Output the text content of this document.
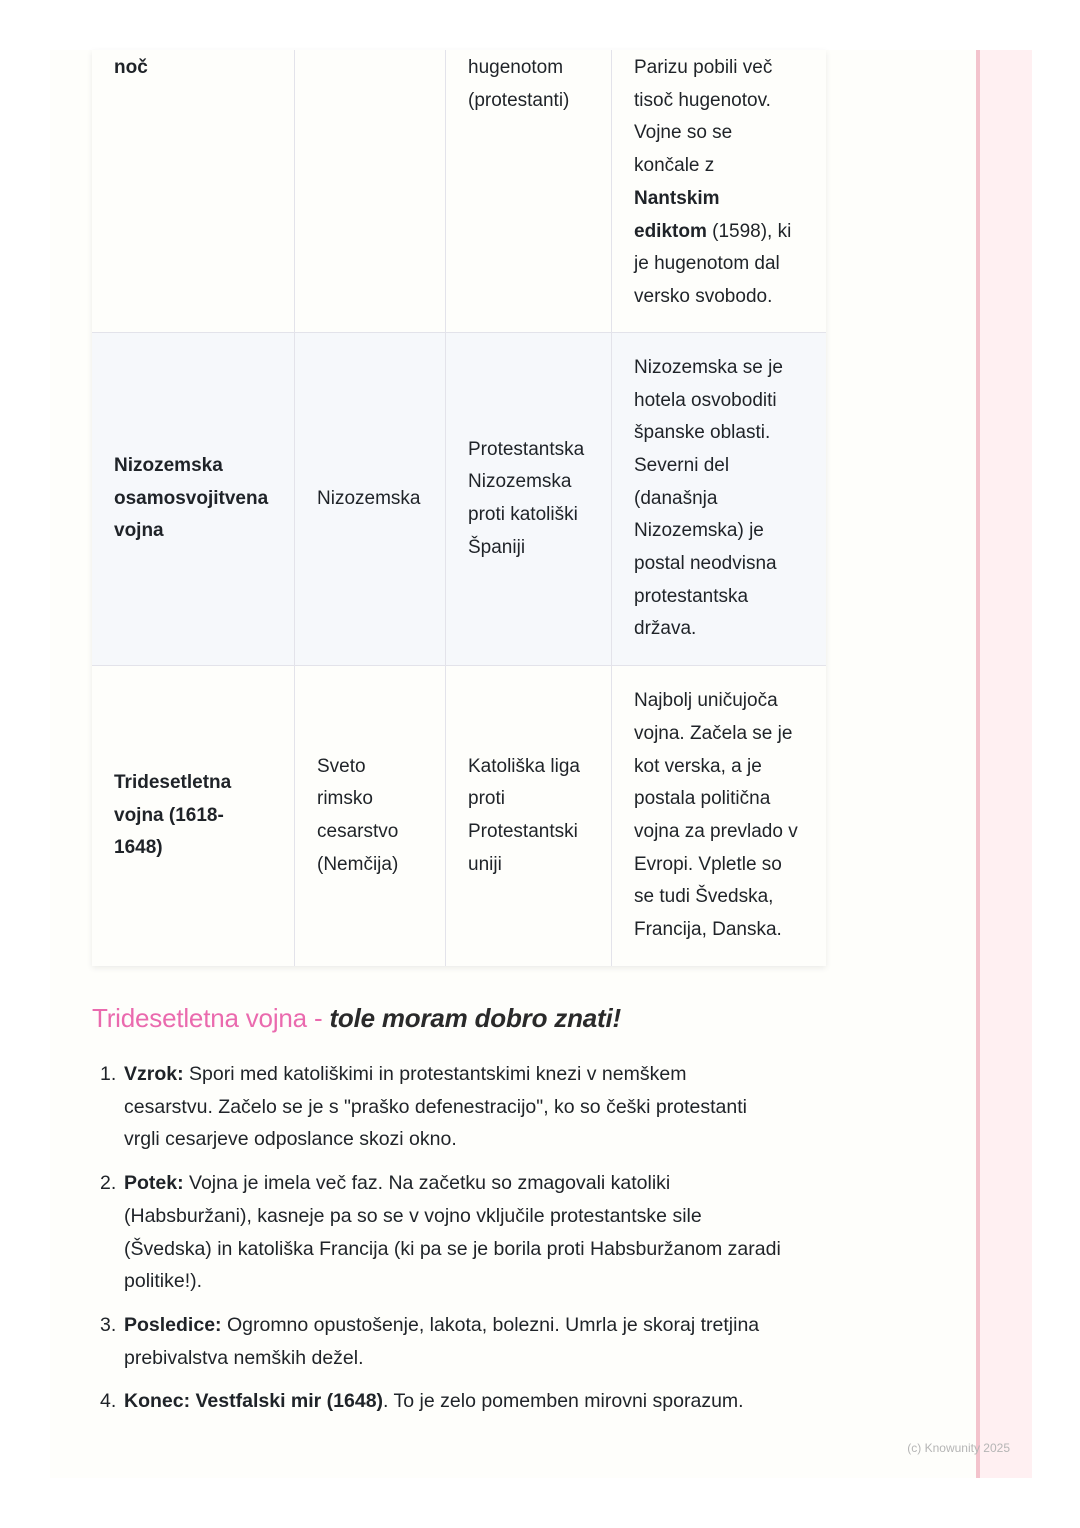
noč	hugenotom
(protestanti)
Parizu pobili več
tisoč hugenotov.
Vojne so se
končale z
Nantskim
ediktom (1598), ki
je hugenotom dal
versko svobodo.
Nizozemska
osamosvojitvena
vojna
Nizozemska
Protestantska
Nizozemska
proti katoliški
Španiji
Nizozemska se je
hotela osvoboditi
španske oblasti.
Severni del
(današnja
Nizozemska) je
postal neodvisna
protestantska
država.
Tridesetletna
vojna (1618-
1648)
Sveto
rimsko
cesarstvo
(Nemčija)
Katoliška liga
proti
Protestantski
uniji
Najbolj uničujoča
vojna. Začela se je
kot verska, a je
postala politična
vojna za prevlado v
Evropi. Vpletle so
se tudi Švedska,
Francija, Danska.
Tridesetletna vojna - tole moram dobro znati!
1. Vzrok: Spori med katoliškimi in protestantskimi knezi v nemškem
cesarstvu. Začelo se je s "praško defenestracijo", ko so češki protestanti
vrgli cesarjeve odposlance skozi okno.
2. Potek: Vojna je imela več faz. Na začetku so zmagovali katoliki
(Habsburžani), kasneje pa so se v vojno vključile protestantske sile
(Švedska) in katoliška Francija (ki pa se je borila proti Habsburžanom zaradi
politike!).
3. Posledice: Ogromno opustošenje, lakota, bolezni. Umrla je skoraj tretjina
prebivalstva nemških dežel.
4. Konec: Vestfalski mir (1648). To je zelo pomemben mirovni sporazum.
(c) Knowunity 2025
